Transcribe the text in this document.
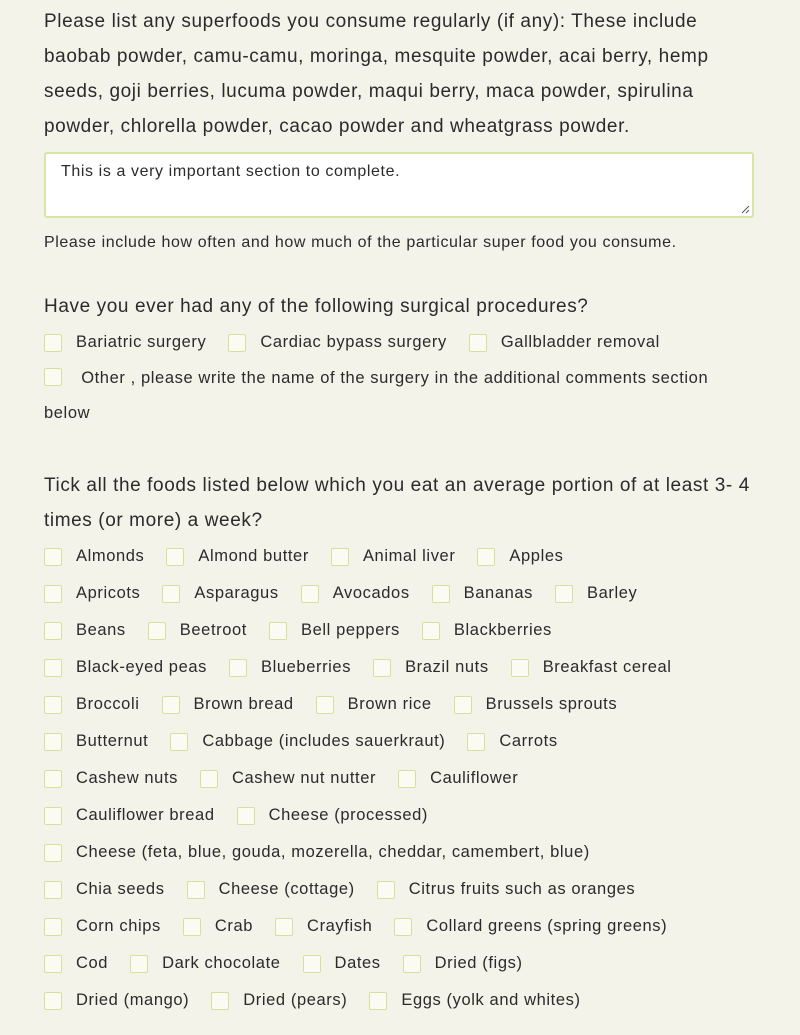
Please list any superfoods you consume regularly (if any): These include baobab powder, camu-camu, moringa, mesquite powder, acai berry, hemp seeds, goji berries, lucuma powder, maqui berry, maca powder, spirulina powder, chlorella powder, cacao powder and wheatgrass powder.

This is a very important section to complete.

Please include how often and how much of the particular super food you consume.

Have you ever had any of the following surgical procedures?

Bariatric surgery	Cardiac bypass surgery	Gallbladder removal
Other , please write the name of the surgery in the additional comments section below

Tick all the foods listed below which you eat an average portion of at least 3- 4 times (or more) a week?

Almonds	Almond butter	Animal liver	Apples
Apricots	Asparagus	Avocados	Bananas	Barley
Beans	Beetroot	Bell peppers	Blackberries
Black-eyed peas	Blueberries	Brazil nuts	Breakfast cereal
Broccoli	Brown bread	Brown rice	Brussels sprouts
Butternut	Cabbage (includes sauerkraut)	Carrots
Cashew nuts	Cashew nut nutter	Cauliflower
Cauliflower bread	Cheese (processed)
Cheese (feta, blue, gouda, mozerella, cheddar, camembert, blue)
Chia seeds	Cheese (cottage)	Citrus fruits such as oranges
Corn chips	Crab	Crayfish	Collard greens (spring greens)
Cod	Dark chocolate	Dates	Dried (figs)
Dried (mango)	Dried (pears)	Eggs (yolk and whites)
